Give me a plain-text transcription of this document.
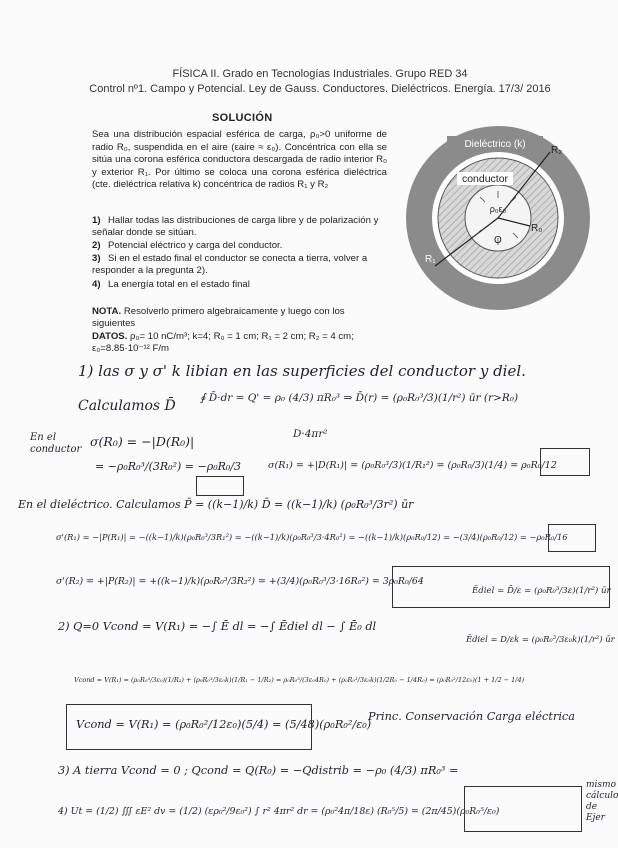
FÍSICA II. Grado en Tecnologías Industriales. Grupo RED 34
Control nº1. Campo y Potencial. Ley de Gauss. Conductores. Dieléctricos. Energía. 17/3/ 2016
SOLUCIÓN

Sea una distribución espacial esférica de carga, ρ₀>0 uniforme de radio R₀, suspendida en el aire (εaire ≈ ε₀). Concéntrica con ella se sitúa una corona esférica conductora descargada de radio interior R₀ y exterior R₁. Por último se coloca una corona esférica dieléctrica (cte. dieléctrica relativa k) concéntrica de radios R₁ y R₂

1) Hallar todas las distribuciones de carga libre y de polarización y señalar donde se sitúan.
2) Potencial eléctrico y carga del conductor.
3) Si en el estado final el conductor se conecta a tierra, volver a responder a la pregunta 2).
4) La energía total en el estado final
NOTA. Resolverlo primero algebraicamente y luego con los siguientes
DATOS. ρ₀= 10 nC/m³; k=4; R₀ = 1 cm; R₁ = 2 cm; R₂ = 4 cm; ε₀=8.85·10⁻¹² F/m
Dieléctrico (k)
conductor
ρ₀ε₀
O
R₀
R₁
R₂
1) las σ y σ' k libian en las superficies del conductor y diel.
Calculamos D̄ ∮ D̄·dr = Q' = ρ₀ (4/3) πR₀³ ⇒ D̄(r) = (ρ₀R₀³/3)(1/r²) ūr (r>R₀)
D·4πr²
En el conductor
σ(R₀) = −|D(R₀)|
= −ρ₀R₀³/(3R₀²) = −ρ₀R₀/3	σ(R₁) = +|D(R₁)| = (ρ₀R₀³/3)(1/R₁²) = (ρ₀R₀/3)(1/4) = ρ₀R₀/12
En el dieléctrico. Calculamos P̄ = ((k−1)/k) D̄ = ((k−1)/k) (ρ₀R₀³/3r²) ūr
σ'(R₁) = −|P(R₁)| = −((k−1)/k)(ρ₀R₀³/3R₁²) = −((k−1)/k)(ρ₀R₀³/3·4R₀²) = −((k−1)/k)(ρ₀R₀/12) = −(3/4)(ρ₀R₀/12) = −ρ₀R₀/16
σ'(R₂) = +|P(R₂)| = +((k−1)/k)(ρ₀R₀³/3R₂²) = +(3/4)(ρ₀R₀³/3·16R₀²) = 3ρ₀R₀/64
Ēdiel = D̄/ε = (ρ₀R₀³/3ε)(1/r²) ūr
2) Q=0 Vcond = V(R₁) = −∫ Ē dl = −∫ Ēdiel dl − ∫ Ē₀ dl
Ēdiel = D/εk = (ρ₀R₀³/3ε₀k)(1/r²) ūr
Vcond = V(R₁) = (ρ₀R₀³/3ε₀)(1/R₂) + (ρ₀R₀³/3ε₀k)(1/R₁ − 1/R₂) = ρ₀R₀³/(3ε₀4R₀) + (ρ₀R₀³/3ε₀k)(1/2R₀ − 1/4R₀) = (ρ₀R₀²/12ε₀)(1 + 1/2 − 1/4)
Vcond = V(R₁) = (ρ₀R₀²/12ε₀)(5/4) = (5/48)(ρ₀R₀²/ε₀)
Princ. Conservación Carga eléctrica
3) A tierra Vcond = 0 ; Qcond = Q(R₀) = −Qdistrib = −ρ₀ (4/3) πR₀³ =
4) Ut = (1/2) ∭ εE² dv = (1/2) (ερ₀²/9ε₀²) ∫ r² 4πr² dr = (ρ₀²4π/18ε) (R₀⁵/5) = (2π/45)(ρ₀R₀⁵/ε₀)
mismo cálculo de Ejer
